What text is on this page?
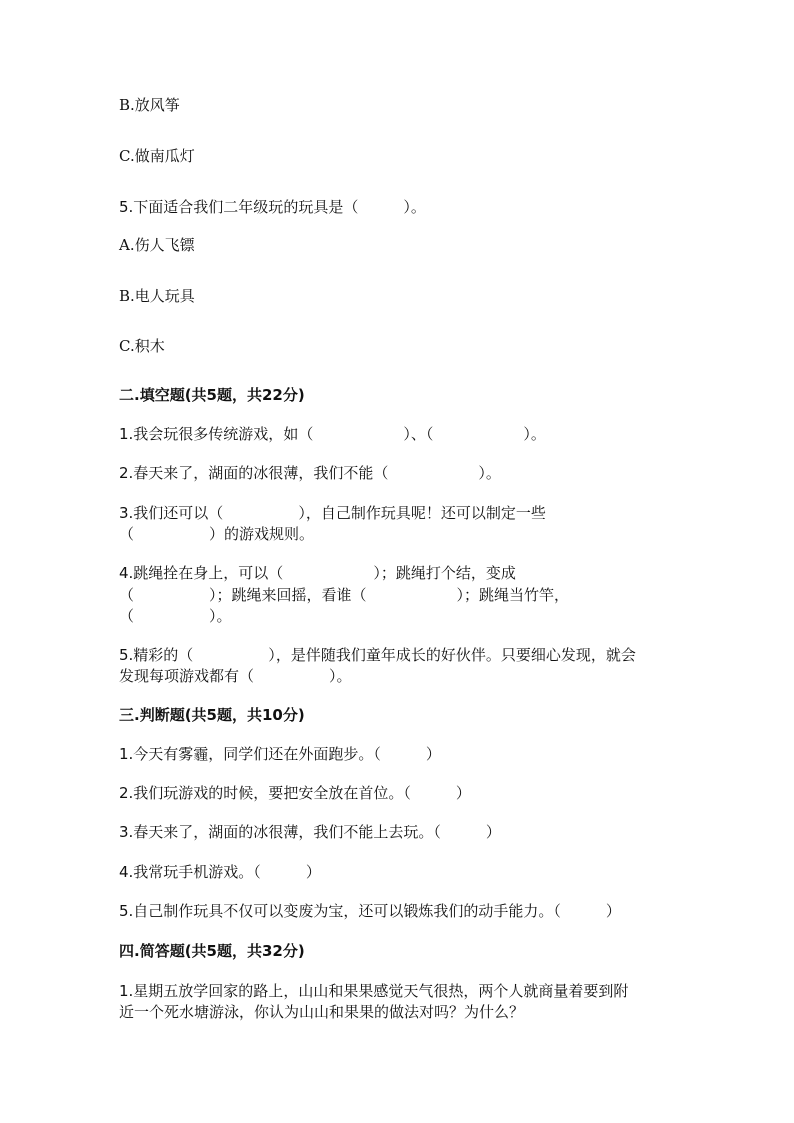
B.放风筝
C.做南瓜灯
5.下面适合我们二年级玩的玩具是（　　　）。
A.伤人飞镖
B.电人玩具
C.积木
二.填空题(共5题，共22分)
1.我会玩很多传统游戏，如（　　　　　　）、（　　　　　　）。
2.春天来了，湖面的冰很薄，我们不能（　　　　　　）。
3.我们还可以（　　　　　），自己制作玩具呢！还可以制定一些
（　　　　　）的游戏规则。
4.跳绳拴在身上，可以（　　　　　　）；跳绳打个结，变成
（　　　　　）；跳绳来回摇，看谁（　　　　　　）；跳绳当竹竿，
（　　　　　）。
5.精彩的（　　　　　），是伴随我们童年成长的好伙伴。只要细心发现，就会
发现每项游戏都有（　　　　　）。
三.判断题(共5题，共10分)
1.今天有雾霾，同学们还在外面跑步。（　　　）
2.我们玩游戏的时候，要把安全放在首位。（　　　）
3.春天来了，湖面的冰很薄，我们不能上去玩。（　　　）
4.我常玩手机游戏。（　　　）
5.自己制作玩具不仅可以变废为宝，还可以锻炼我们的动手能力。（　　　）
四.简答题(共5题，共32分)
1.星期五放学回家的路上，山山和果果感觉天气很热，两个人就商量着要到附
近一个死水塘游泳，你认为山山和果果的做法对吗？为什么？
